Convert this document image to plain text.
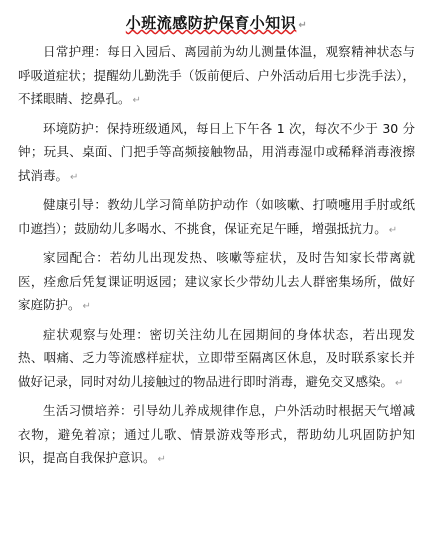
小班流感防护保育小知识 ↵

日常护理：每日入园后、离园前为幼儿测量体温，观察精神状态与呼吸道症状；提醒幼儿勤洗手（饭前便后、户外活动后用七步洗手法），不揉眼睛、挖鼻孔。 ↵

环境防护：保持班级通风，每日上下午各 1 次，每次不少于 30 分钟；玩具、桌面、门把手等高频接触物品，用消毒湿巾或稀释消毒液擦拭消毒。 ↵

健康引导：教幼儿学习简单防护动作（如咳嗽、打喷嚏用手肘或纸巾遮挡）；鼓励幼儿多喝水、不挑食，保证充足午睡，增强抵抗力。 ↵

家园配合：若幼儿出现发热、咳嗽等症状，及时告知家长带离就医，痊愈后凭复课证明返园；建议家长少带幼儿去人群密集场所，做好家庭防护。 ↵

症状观察与处理：密切关注幼儿在园期间的身体状态，若出现发热、咽痛、乏力等流感样症状，立即带至隔离区休息，及时联系家长并做好记录，同时对幼儿接触过的物品进行即时消毒，避免交叉感染。 ↵

生活习惯培养：引导幼儿养成规律作息，户外活动时根据天气增减衣物，避免着凉；通过儿歌、情景游戏等形式，帮助幼儿巩固防护知识，提高自我保护意识。 ↵
